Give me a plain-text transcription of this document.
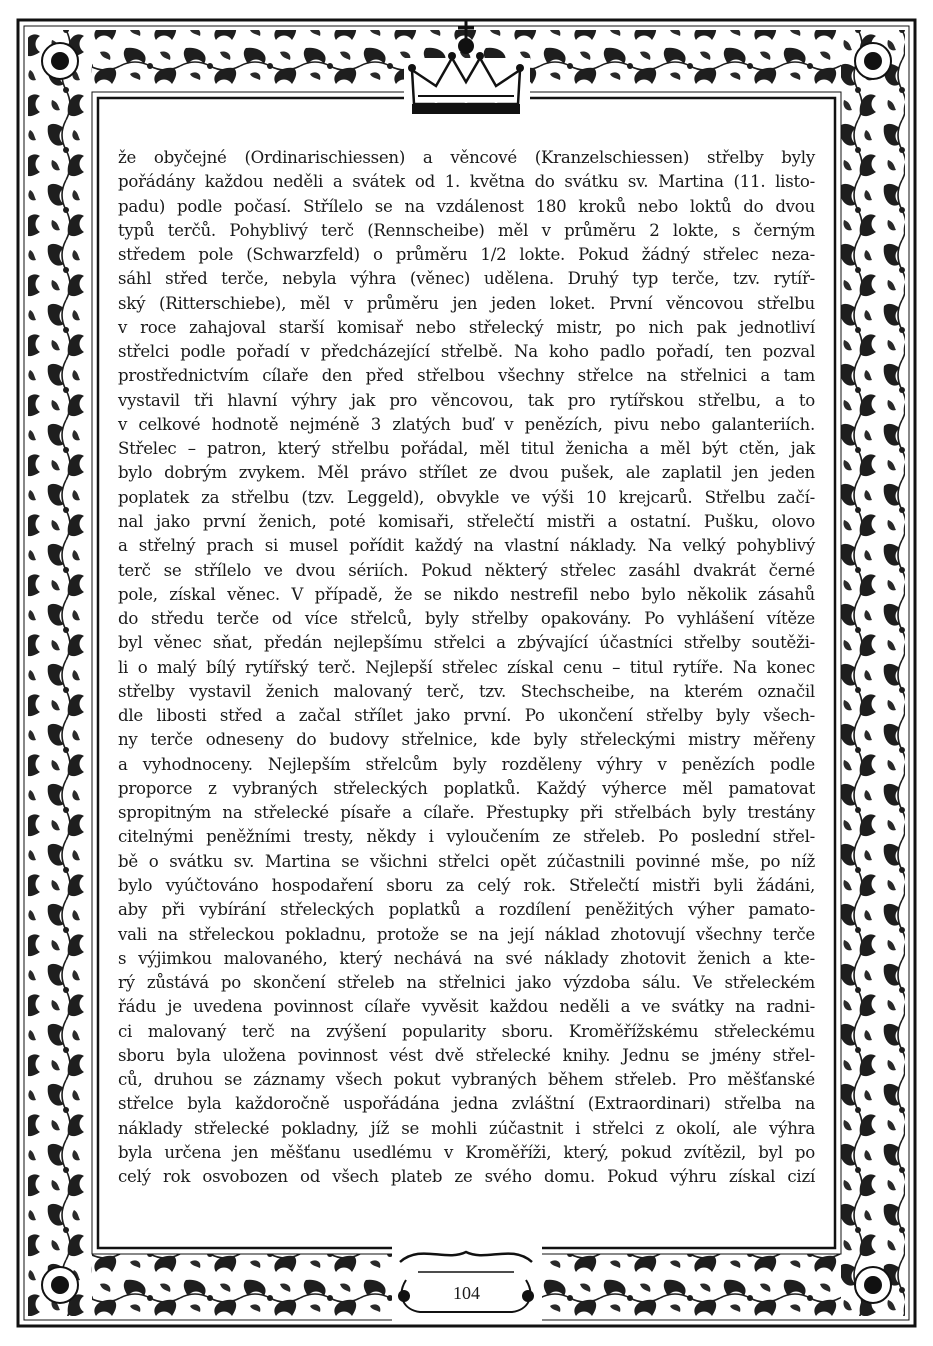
že obyčejné (Ordinarischiessen) a věncové (Kranzelschiessen) střelby byly
pořádány každou neděli a svátek od 1. května do svátku sv. Martina (11. listo-
padu) podle počasí. Střílelo se na vzdálenost 180 kroků nebo loktů do dvou
typů terčů. Pohyblivý terč (Rennscheibe) měl v průměru 2 lokte, s černým
středem pole (Schwarzfeld) o průměru 1/2 lokte. Pokud žádný střelec neza-
sáhl střed terče, nebyla výhra (věnec) udělena. Druhý typ terče, tzv. rytíř-
ský (Ritterschiebe), měl v průměru jen jeden loket. První věncovou střelbu
v roce zahajoval starší komisař nebo střelecký mistr, po nich pak jednotliví
střelci podle pořadí v předcházející střelbě. Na koho padlo pořadí, ten pozval
prostřednictvím cílaře den před střelbou všechny střelce na střelnici a tam
vystavil tři hlavní výhry jak pro věncovou, tak pro rytířskou střelbu, a to
v celkové hodnotě nejméně 3 zlatých buď v penězích, pivu nebo galanteriích.
Střelec – patron, který střelbu pořádal, měl titul ženicha a měl být ctěn, jak
bylo dobrým zvykem. Měl právo střílet ze dvou pušek, ale zaplatil jen jeden
poplatek za střelbu (tzv. Leggeld), obvykle ve výši 10 krejcarů. Střelbu začí-
nal jako první ženich, poté komisaři, střelečtí mistři a ostatní. Pušku, olovo
a střelný prach si musel pořídit každý na vlastní náklady. Na velký pohyblivý
terč se střílelo ve dvou sériích. Pokud některý střelec zasáhl dvakrát černé
pole, získal věnec. V případě, že se nikdo nestrefil nebo bylo několik zásahů
do středu terče od více střelců, byly střelby opakovány. Po vyhlášení vítěze
byl věnec sňat, předán nejlepšímu střelci a zbývající účastníci střelby soutěži-
li o malý bílý rytířský terč. Nejlepší střelec získal cenu – titul rytíře. Na konec
střelby vystavil ženich malovaný terč, tzv. Stechscheibe, na kterém označil
dle libosti střed a začal střílet jako první. Po ukončení střelby byly všech-
ny terče odneseny do budovy střelnice, kde byly střeleckými mistry měřeny
a vyhodnoceny. Nejlepším střelcům byly rozděleny výhry v penězích podle
proporce z vybraných střeleckých poplatků. Každý výherce měl pamatovat
spropitným na střelecké písaře a cílaře. Přestupky při střelbách byly trestány
citelnými peněžními tresty, někdy i vyloučením ze střeleb. Po poslední střel-
bě o svátku sv. Martina se všichni střelci opět zúčastnili povinné mše, po níž
bylo vyúčtováno hospodaření sboru za celý rok. Střelečtí mistři byli žádáni,
aby při vybírání střeleckých poplatků a rozdílení peněžitých výher pamato-
vali na střeleckou pokladnu, protože se na její náklad zhotovují všechny terče
s výjimkou malovaného, který nechává na své náklady zhotovit ženich a kte-
rý zůstává po skončení střeleb na střelnici jako výzdoba sálu. Ve střeleckém
řádu je uvedena povinnost cílaře vyvěsit každou neděli a ve svátky na radni-
ci malovaný terč na zvýšení popularity sboru. Kroměřížskému střeleckému
sboru byla uložena povinnost vést dvě střelecké knihy. Jednu se jmény střel-
ců, druhou se záznamy všech pokut vybraných během střeleb. Pro měšťanské
střelce byla každoročně uspořádána jedna zvláštní (Extraordinari) střelba na
náklady střelecké pokladny, jíž se mohli zúčastnit i střelci z okolí, ale výhra
byla určena jen měšťanu usedlému v Kroměříži, který, pokud zvítězil, byl po
celý rok osvobozen od všech plateb ze svého domu. Pokud výhru získal cizí
104
